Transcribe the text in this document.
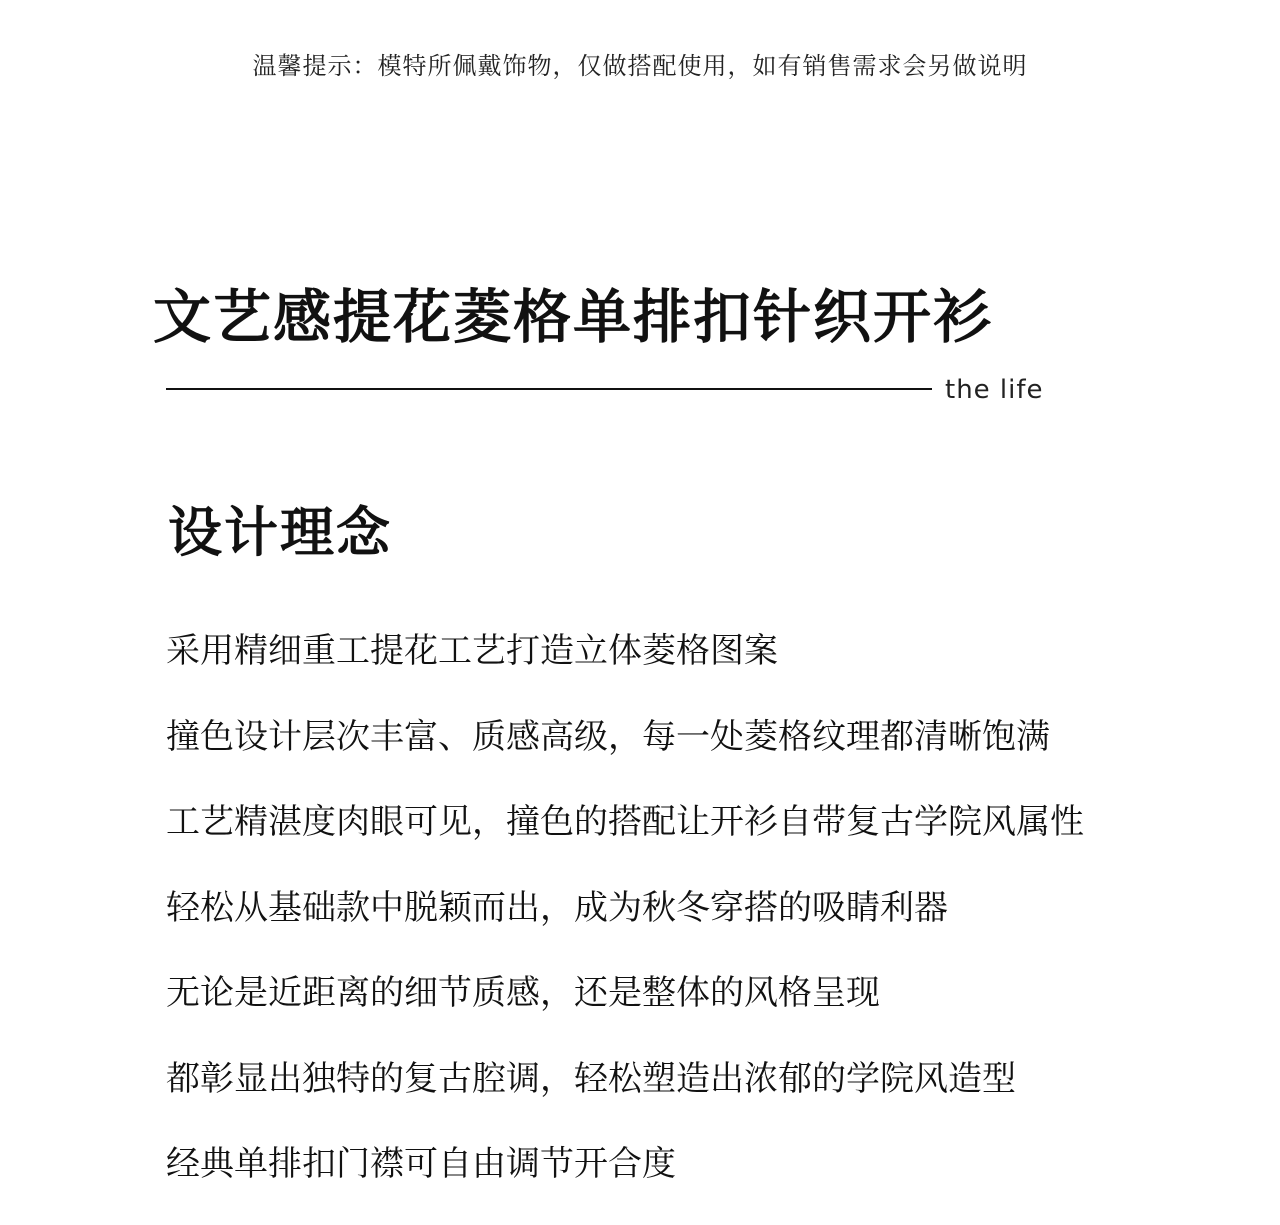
温馨提示：模特所佩戴饰物，仅做搭配使用，如有销售需求会另做说明
文艺感提花菱格单排扣针织开衫
the life
设计理念
采用精细重工提花工艺打造立体菱格图案
撞色设计层次丰富、质感高级，每一处菱格纹理都清晰饱满
工艺精湛度肉眼可见，撞色的搭配让开衫自带复古学院风属性
轻松从基础款中脱颖而出，成为秋冬穿搭的吸睛利器
无论是近距离的细节质感，还是整体的风格呈现
都彰显出独特的复古腔调，轻松塑造出浓郁的学院风造型
经典单排扣门襟可自由调节开合度
